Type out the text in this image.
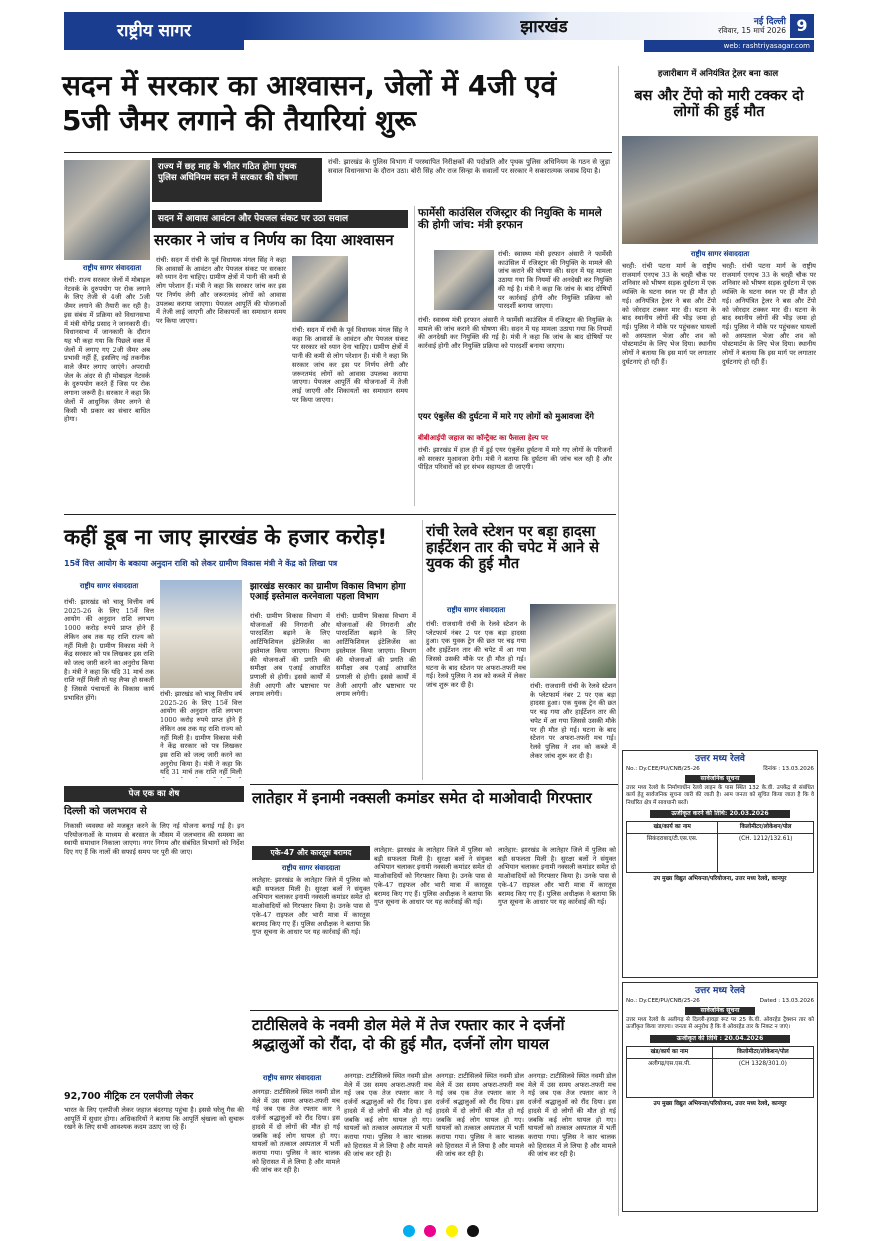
राष्ट्रीय सागर	झारखंड	नई दिल्ली
रविवार, 15 मार्च 2026 9
web: rashtriyasagar.com
सदन में सरकार का आश्वासन, जेलों में 4जी एवं 5जी जैमर लगाने की तैयारियां शुरू
राष्ट्रीय सागर संवाददाता
राज्य में छह माह के भीतर गठित होगा पृथक पुलिस अधिनियम सदन में सरकार की घोषणा
रांची: झारखंड के पुलिस विभाग में परस्थापित निरीक्षकों की पदोन्नति और पृथक पुलिस अधिनियम के गठन से जुड़ा सवाल विधानसभा के दौरान उठा। बोरी सिंह और राज सिन्हा के सवालों पर सरकार ने सकारात्मक जवाब दिया है।
सदन में आवास आवंटन और पेयजल संकट पर उठा सवाल
सरकार ने जांच व निर्णय का दिया आश्वासन
रांची: सदन में रांची के पूर्व विधायक मंगल सिंह ने कहा कि आवासों के आवंटन और पेयजल संकट पर सरकार को ध्यान देना चाहिए। ग्रामीण क्षेत्रों में पानी की कमी से लोग परेशान हैं। मंत्री ने कहा कि सरकार जांच कर इस पर निर्णय लेगी और जरूरतमंद लोगों को आवास उपलब्ध कराया जाएगा। पेयजल आपूर्ति की योजनाओं में तेजी लाई जाएगी और शिकायतों का समाधान समय पर किया जाएगा।
रांची: सदन में रांची के पूर्व विधायक मंगल सिंह ने कहा कि आवासों के आवंटन और पेयजल संकट पर सरकार को ध्यान देना चाहिए। ग्रामीण क्षेत्रों में पानी की कमी से लोग परेशान हैं। मंत्री ने कहा कि सरकार जांच कर इस पर निर्णय लेगी और जरूरतमंद लोगों को आवास उपलब्ध कराया जाएगा। पेयजल आपूर्ति की योजनाओं में तेजी लाई जाएगी और शिकायतों का समाधान समय पर किया जाएगा।
रांची: राज्य सरकार जेलों में मोबाइल नेटवर्क के दुरुपयोग पर रोक लगाने के लिए तेजी से 4जी और 5जी जैमर लगाने की तैयारी कर रही है। इस संबंध में प्रक्रिया को विधानसभा में मंत्री योगेंद्र प्रसाद ने जानकारी दी। विधानसभा में जानकारी के दौरान यह भी कहा गया कि पिछले वक्त में जेलों में लगाए गए 2जी जैमर अब प्रभावी नहीं हैं, इसलिए नई तकनीक वाले जैमर लगाए जाएंगे। अपराधी जेल के अंदर से ही मोबाइल नेटवर्क के दुरुपयोग करते हैं जिस पर रोक लगाना जरूरी है। सरकार ने कहा कि जेलों में आधुनिक जैमर लगने से किसी भी प्रकार का संचार बाधित होगा।
फार्मेसी काउंसिल रजिस्ट्रार की नियुक्ति के मामले की होगी जांच: मंत्री इरफान
रांची: स्वास्थ्य मंत्री इरफान अंसारी ने फार्मेसी काउंसिल में रजिस्ट्रार की नियुक्ति के मामले की जांच कराने की घोषणा की। सदन में यह मामला उठाया गया कि नियमों की अनदेखी कर नियुक्ति की गई है। मंत्री ने कहा कि जांच के बाद दोषियों पर कार्रवाई होगी और नियुक्ति प्रक्रिया को पारदर्शी बनाया जाएगा।
रांची: स्वास्थ्य मंत्री इरफान अंसारी ने फार्मेसी काउंसिल में रजिस्ट्रार की नियुक्ति के मामले की जांच कराने की घोषणा की। सदन में यह मामला उठाया गया कि नियमों की अनदेखी कर नियुक्ति की गई है। मंत्री ने कहा कि जांच के बाद दोषियों पर कार्रवाई होगी और नियुक्ति प्रक्रिया को पारदर्शी बनाया जाएगा।
एयर एंबुलेंस की दुर्घटना में मारे गए लोगों को मुआवजा देंगे
बीबीआईपी जहाज का कॉन्ट्रैक्ट का फैसला हेल्प पर
रांची: झारखंड में हाल ही में हुई एयर एंबुलेंस दुर्घटना में मारे गए लोगों के परिजनों को सरकार मुआवजा देगी। मंत्री ने बताया कि दुर्घटना की जांच चल रही है और पीड़ित परिवारों को हर संभव सहायता दी जाएगी।
हजारीबाग में अनियंत्रित ट्रेलर बना काल
बस और टेंपो को मारी टक्कर दो लोगों की हुई मौत
राष्ट्रीय सागर संवाददाता
चरही: रांची पटना मार्ग के राष्ट्रीय राजमार्ग एनएच 33 के चरही चौक पर शनिवार को भीषण सड़क दुर्घटना में एक व्यक्ति के घटना स्थल पर ही मौत हो गई। अनियंत्रित ट्रेलर ने बस और टेंपो को जोरदार टक्कर मार दी। घटना के बाद स्थानीय लोगों की भीड़ जमा हो गई। पुलिस ने मौके पर पहुंचकर घायलों को अस्पताल भेजा और शव को पोस्टमार्टम के लिए भेज दिया। स्थानीय लोगों ने बताया कि इस मार्ग पर लगातार दुर्घटनाएं हो रही हैं।
चरही: रांची पटना मार्ग के राष्ट्रीय राजमार्ग एनएच 33 के चरही चौक पर शनिवार को भीषण सड़क दुर्घटना में एक व्यक्ति के घटना स्थल पर ही मौत हो गई। अनियंत्रित ट्रेलर ने बस और टेंपो को जोरदार टक्कर मार दी। घटना के बाद स्थानीय लोगों की भीड़ जमा हो गई। पुलिस ने मौके पर पहुंचकर घायलों को अस्पताल भेजा और शव को पोस्टमार्टम के लिए भेज दिया। स्थानीय लोगों ने बताया कि इस मार्ग पर लगातार दुर्घटनाएं हो रही हैं।
कहीं डूब ना जाए झारखंड के हजार करोड़!
15वें वित्त आयोग के बकाया अनुदान राशि को लेकर ग्रामीण विकास मंत्री ने केंद्र को लिखा पत्र
राष्ट्रीय सागर संवाददाता
रांची: झारखंड को चालू वित्तीय वर्ष 2025-26 के लिए 15वें वित्त आयोग की अनुदान राशि लगभग 1000 करोड़ रुपये प्राप्त होने हैं लेकिन अब तक यह राशि राज्य को नहीं मिली है। ग्रामीण विकास मंत्री ने केंद्र सरकार को पत्र लिखकर इस राशि को जल्द जारी करने का अनुरोध किया है। मंत्री ने कहा कि यदि 31 मार्च तक राशि नहीं मिली तो यह लैप्स हो सकती है जिससे पंचायतों के विकास कार्य प्रभावित होंगे।	रांची: झारखंड को चालू वित्तीय वर्ष 2025-26 के लिए 15वें वित्त आयोग की अनुदान राशि लगभग 1000 करोड़ रुपये प्राप्त होने हैं लेकिन अब तक यह राशि राज्य को नहीं मिली है। ग्रामीण विकास मंत्री ने केंद्र सरकार को पत्र लिखकर इस राशि को जल्द जारी करने का अनुरोध किया है। मंत्री ने कहा कि यदि 31 मार्च तक राशि नहीं मिली
झारखंड सरकार का ग्रामीण विकास विभाग होगा एआई इस्तेमाल करनेवाला पहला विभाग
रांची: ग्रामीण विकास विभाग में योजनाओं की निगरानी और पारदर्शिता बढ़ाने के लिए आर्टिफिशियल इंटेलिजेंस का इस्तेमाल किया जाएगा। विभाग की योजनाओं की प्रगति की समीक्षा अब एआई आधारित प्रणाली से होगी। इससे कार्यों में तेजी आएगी और भ्रष्टाचार पर लगाम लगेगी।
रांची: ग्रामीण विकास विभाग में योजनाओं की निगरानी और पारदर्शिता बढ़ाने के लिए आर्टिफिशियल इंटेलिजेंस का इस्तेमाल किया जाएगा। विभाग की योजनाओं की प्रगति की समीक्षा अब एआई आधारित प्रणाली से होगी। इससे कार्यों में तेजी आएगी और भ्रष्टाचार पर लगाम लगेगी।
रांची रेलवे स्टेशन पर बड़ा हादसा हाईटेंशन तार की चपेट में आने से युवक की हुई मौत
राष्ट्रीय सागर संवाददाता
रांची: राजधानी रांची के रेलवे स्टेशन के प्लेटफार्म नंबर 2 पर एक बड़ा हादसा हुआ। एक युवक ट्रेन की छत पर चढ़ गया और हाईटेंशन तार की चपेट में आ गया जिससे उसकी मौके पर ही मौत हो गई। घटना के बाद स्टेशन पर अफरा-तफरी मच गई। रेलवे पुलिस ने शव को कब्जे में लेकर जांच शुरू कर दी है।	रांची: राजधानी रांची के रेलवे स्टेशन के प्लेटफार्म नंबर 2 पर एक बड़ा हादसा हुआ। एक युवक ट्रेन की छत पर चढ़ गया और हाईटेंशन तार की चपेट में आ गया जिससे उसकी मौके पर ही मौत हो गई। घटना के बाद स्टेशन पर अफरा-तफरी मच गई। रेलवे पुलिस ने शव को कब्जे में लेकर जांच शुरू कर दी है।	उत्तर मध्य रेलवे
No.: Dy.CEE/PU/CNB/25-26	दिनांक : 13.03.2026
सार्वजनिक सूचना
उत्तर मध्य रेलवे के निर्माणाधीन रेलवे लाइन के पास स्थित 132 के.वी. उपकेंद्र से संबंधित कार्य हेतु सार्वजनिक सूचना जारी की जाती है। आम जनता को सूचित किया जाता है कि वे निर्धारित क्षेत्र में सावधानी बरतें।
ऊर्जीकृत करने की तिथि: 20.03.2026
खंड/कार्य का नाम	किलोमीटर/लोकेशन/पोल
सिकंदराबाद/टी.एस.एस.	(CH. 1212/132.61)
उप मुख्य विद्युत अभियन्ता/परियोजना, उत्तर मध्य रेलवे, कानपुर
उत्तर मध्य रेलवे
No.: Dy.CEE/PU/CNB/25-26	Dated : 13.03.2026
सार्वजनिक सूचना
उत्तर मध्य रेलवे के अलीगढ़ से दिल्ली-हावड़ा रूट पर 25 के.वी. ओवरहेड ट्रैक्शन तार को ऊर्जीकृत किया जाएगा। जनता से अनुरोध है कि वे ओवरहेड तार के निकट न जाएं।
ऊर्जीकृत की तिथि : 20.04.2026
खंड/कार्य का नाम	किलोमीटर/लोकेशन/पोल
अलीगढ़/एस.एस.पी.	(CH 1328/301.0)
उप मुख्य विद्युत अभियन्ता/परियोजना, उत्तर मध्य रेलवे, कानपुर
पेज एक का शेष
दिल्ली को जलभराव से
निकासी व्यवस्था को मजबूत करने के लिए नई योजना बनाई गई है। इन परियोजनाओं के माध्यम से बरसात के मौसम में जलभराव की समस्या का स्थायी समाधान निकाला जाएगा। नगर निगम और संबंधित विभागों को निर्देश दिए गए हैं कि नालों की सफाई समय पर पूरी की जाए।
92,700 मीट्रिक टन एलपीजी लेकर
भारत के लिए एलपीजी लेकर जहाज बंदरगाह पहुंचा है। इससे घरेलू गैस की आपूर्ति में सुधार होगा। अधिकारियों ने बताया कि आपूर्ति श्रृंखला को सुचारू रखने के लिए सभी आवश्यक कदम उठाए जा रहे हैं।
लातेहार में इनामी नक्सली कमांडर समेत दो माओवादी गिरफ्तार
एके-47 और कारतूस बरामद
राष्ट्रीय सागर संवाददाता
लातेहार: झारखंड के लातेहार जिले में पुलिस को बड़ी सफलता मिली है। सुरक्षा बलों ने संयुक्त अभियान चलाकर इनामी नक्सली कमांडर समेत दो माओवादियों को गिरफ्तार किया है। उनके पास से एके-47 राइफल और भारी मात्रा में कारतूस बरामद किए गए हैं। पुलिस अधीक्षक ने बताया कि गुप्त सूचना के आधार पर यह कार्रवाई की गई।
लातेहार: झारखंड के लातेहार जिले में पुलिस को बड़ी सफलता मिली है। सुरक्षा बलों ने संयुक्त अभियान चलाकर इनामी नक्सली कमांडर समेत दो माओवादियों को गिरफ्तार किया है। उनके पास से एके-47 राइफल और भारी मात्रा में कारतूस बरामद किए गए हैं। पुलिस अधीक्षक ने बताया कि गुप्त सूचना के आधार पर यह कार्रवाई की गई।
लातेहार: झारखंड के लातेहार जिले में पुलिस को बड़ी सफलता मिली है। सुरक्षा बलों ने संयुक्त अभियान चलाकर इनामी नक्सली कमांडर समेत दो माओवादियों को गिरफ्तार किया है। उनके पास से एके-47 राइफल और भारी मात्रा में कारतूस बरामद किए गए हैं। पुलिस अधीक्षक ने बताया कि गुप्त सूचना के आधार पर यह कार्रवाई की गई।
टाटीसिलवे के नवमी डोल मेले में तेज रफ्तार कार ने दर्जनों श्रद्धालुओं को रौंदा, दो की हुई मौत, दर्जनों लोग घायल
राष्ट्रीय सागर संवाददाता
अनगड़ा: टाटीसिलवे स्थित नवमी डोल मेले में उस समय अफरा-तफरी मच गई जब एक तेज रफ्तार कार ने दर्जनों श्रद्धालुओं को रौंद दिया। इस हादसे में दो लोगों की मौत हो गई जबकि कई लोग घायल हो गए। घायलों को तत्काल अस्पताल में भर्ती कराया गया। पुलिस ने कार चालक को हिरासत में ले लिया है और मामले की जांच कर रही है।
अनगड़ा: टाटीसिलवे स्थित नवमी डोल मेले में उस समय अफरा-तफरी मच गई जब एक तेज रफ्तार कार ने दर्जनों श्रद्धालुओं को रौंद दिया। इस हादसे में दो लोगों की मौत हो गई जबकि कई लोग घायल हो गए। घायलों को तत्काल अस्पताल में भर्ती कराया गया। पुलिस ने कार चालक को हिरासत में ले लिया है और मामले की जांच कर रही है।
अनगड़ा: टाटीसिलवे स्थित नवमी डोल मेले में उस समय अफरा-तफरी मच गई जब एक तेज रफ्तार कार ने दर्जनों श्रद्धालुओं को रौंद दिया। इस हादसे में दो लोगों की मौत हो गई जबकि कई लोग घायल हो गए। घायलों को तत्काल अस्पताल में भर्ती कराया गया। पुलिस ने कार चालक को हिरासत में ले लिया है और मामले की जांच कर रही है।
अनगड़ा: टाटीसिलवे स्थित नवमी डोल मेले में उस समय अफरा-तफरी मच गई जब एक तेज रफ्तार कार ने दर्जनों श्रद्धालुओं को रौंद दिया। इस हादसे में दो लोगों की मौत हो गई जबकि कई लोग घायल हो गए। घायलों को तत्काल अस्पताल में भर्ती कराया गया। पुलिस ने कार चालक को हिरासत में ले लिया है और मामले की जांच कर रही है।
